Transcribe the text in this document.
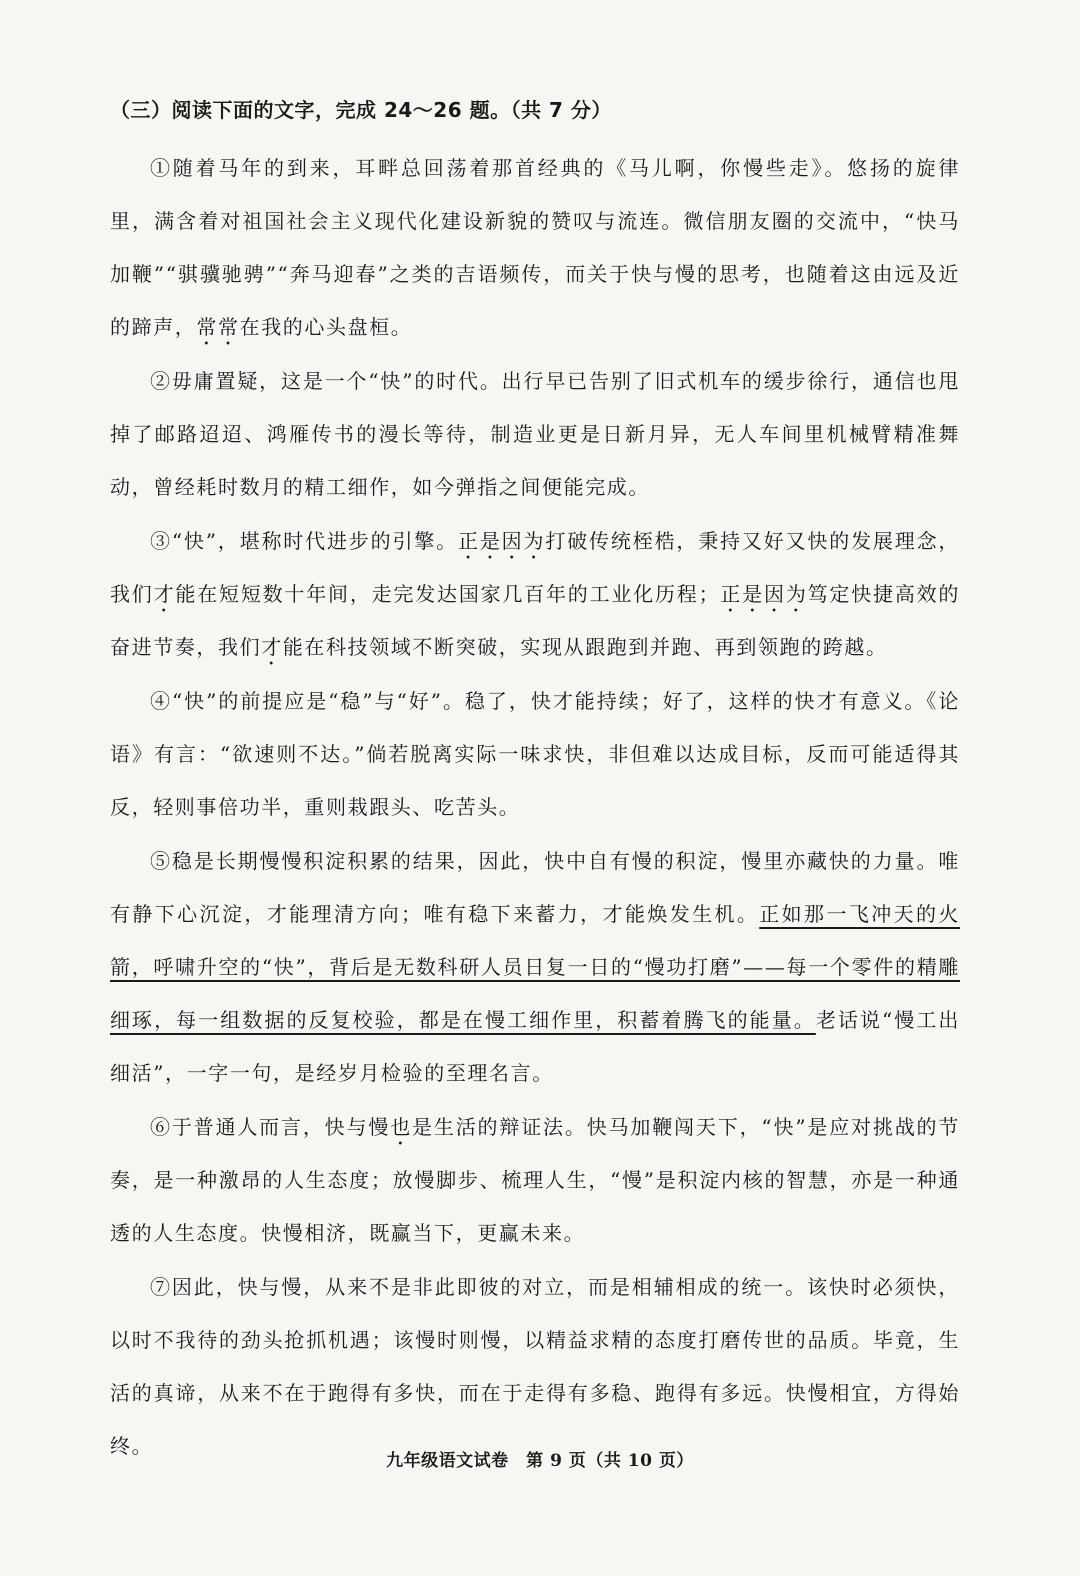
（三）阅读下面的文字，完成 24～26 题。（共 7 分）

①随着马年的到来，耳畔总回荡着那首经典的《马儿啊，你慢些走》。悠扬的旋律里，满含着对祖国社会主义现代化建设新貌的赞叹与流连。微信朋友圈的交流中，“快马加鞭”“骐骥驰骋”“奔马迎春”之类的吉语频传，而关于快与慢的思考，也随着这由远及近的蹄声，常常在我的心头盘桓。

②毋庸置疑，这是一个“快”的时代。出行早已告别了旧式机车的缓步徐行，通信也甩掉了邮路迢迢、鸿雁传书的漫长等待，制造业更是日新月异，无人车间里机械臂精准舞动，曾经耗时数月的精工细作，如今弹指之间便能完成。

③“快”，堪称时代进步的引擎。正是因为打破传统桎梏，秉持又好又快的发展理念，我们才能在短短数十年间，走完发达国家几百年的工业化历程；正是因为笃定快捷高效的奋进节奏，我们才能在科技领域不断突破，实现从跟跑到并跑、再到领跑的跨越。

④“快”的前提应是“稳”与“好”。稳了，快才能持续；好了，这样的快才有意义。《论语》有言：“欲速则不达。”倘若脱离实际一味求快，非但难以达成目标，反而可能适得其反，轻则事倍功半，重则栽跟头、吃苦头。

⑤稳是长期慢慢积淀积累的结果，因此，快中自有慢的积淀，慢里亦藏快的力量。唯有静下心沉淀，才能理清方向；唯有稳下来蓄力，才能焕发生机。正如那一飞冲天的火箭，呼啸升空的“快”，背后是无数科研人员日复一日的“慢功打磨”——每一个零件的精雕细琢，每一组数据的反复校验，都是在慢工细作里，积蓄着腾飞的能量。老话说“慢工出细活”，一字一句，是经岁月检验的至理名言。

⑥于普通人而言，快与慢也是生活的辩证法。快马加鞭闯天下，“快”是应对挑战的节奏，是一种激昂的人生态度；放慢脚步、梳理人生，“慢”是积淀内核的智慧，亦是一种通透的人生态度。快慢相济，既赢当下，更赢未来。

⑦因此，快与慢，从来不是非此即彼的对立，而是相辅相成的统一。该快时必须快，以时不我待的劲头抢抓机遇；该慢时则慢，以精益求精的态度打磨传世的品质。毕竟，生活的真谛，从来不在于跑得有多快，而在于走得有多稳、跑得有多远。快慢相宜，方得始终。

九年级语文试卷　第 9 页（共 10 页）
